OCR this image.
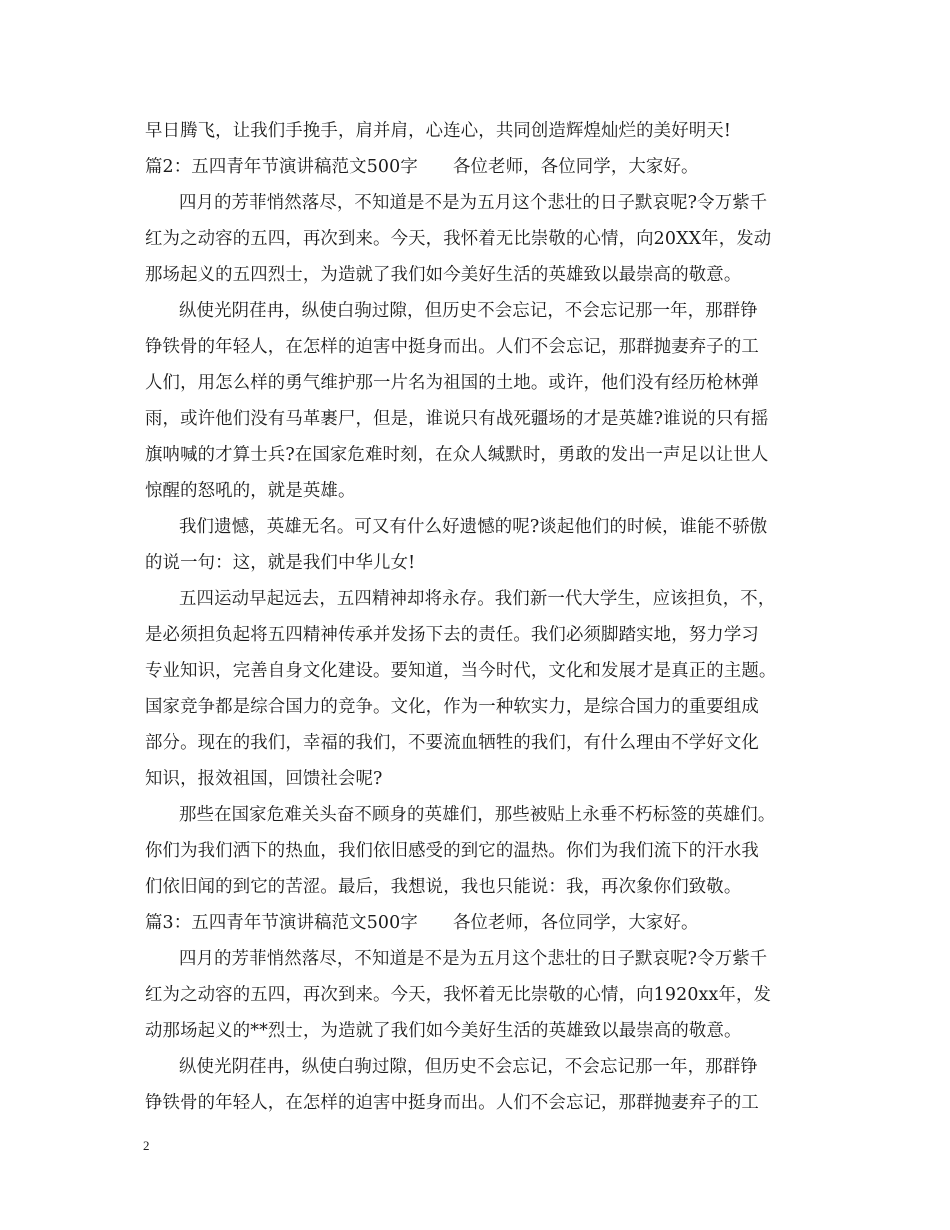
早日腾飞，让我们手挽手，肩并肩，心连心，共同创造辉煌灿烂的美好明天!
篇2：五四青年节演讲稿范文500字　　各位老师，各位同学，大家好。
四月的芳菲悄然落尽，不知道是不是为五月这个悲壮的日子默哀呢?令万紫千
红为之动容的五四，再次到来。今天，我怀着无比崇敬的心情，向20XX年，发动
那场起义的五四烈士，为造就了我们如今美好生活的英雄致以最崇高的敬意。
纵使光阴荏冉，纵使白驹过隙，但历史不会忘记，不会忘记那一年，那群铮
铮铁骨的年轻人，在怎样的迫害中挺身而出。人们不会忘记，那群抛妻弃子的工
人们，用怎么样的勇气维护那一片名为祖国的土地。或许，他们没有经历枪林弹
雨，或许他们没有马革裹尸，但是，谁说只有战死疆场的才是英雄?谁说的只有摇
旗呐喊的才算士兵?在国家危难时刻，在众人缄默时，勇敢的发出一声足以让世人
惊醒的怒吼的，就是英雄。
我们遗憾，英雄无名。可又有什么好遗憾的呢?谈起他们的时候，谁能不骄傲
的说一句：这，就是我们中华儿女!
五四运动早起远去，五四精神却将永存。我们新一代大学生，应该担负，不，
是必须担负起将五四精神传承并发扬下去的责任。我们必须脚踏实地，努力学习
专业知识，完善自身文化建设。要知道，当今时代，文化和发展才是真正的主题。
国家竞争都是综合国力的竞争。文化，作为一种软实力，是综合国力的重要组成
部分。现在的我们，幸福的我们，不要流血牺牲的我们，有什么理由不学好文化
知识，报效祖国，回馈社会呢?
那些在国家危难关头奋不顾身的英雄们，那些被贴上永垂不朽标签的英雄们。
你们为我们洒下的热血，我们依旧感受的到它的温热。你们为我们流下的汗水我
们依旧闻的到它的苦涩。最后，我想说，我也只能说：我，再次象你们致敬。
篇3：五四青年节演讲稿范文500字　　各位老师，各位同学，大家好。
四月的芳菲悄然落尽，不知道是不是为五月这个悲壮的日子默哀呢?令万紫千
红为之动容的五四，再次到来。今天，我怀着无比崇敬的心情，向1920xx年，发
动那场起义的**烈士，为造就了我们如今美好生活的英雄致以最崇高的敬意。
纵使光阴荏冉，纵使白驹过隙，但历史不会忘记，不会忘记那一年，那群铮
铮铁骨的年轻人，在怎样的迫害中挺身而出。人们不会忘记，那群抛妻弃子的工
2
